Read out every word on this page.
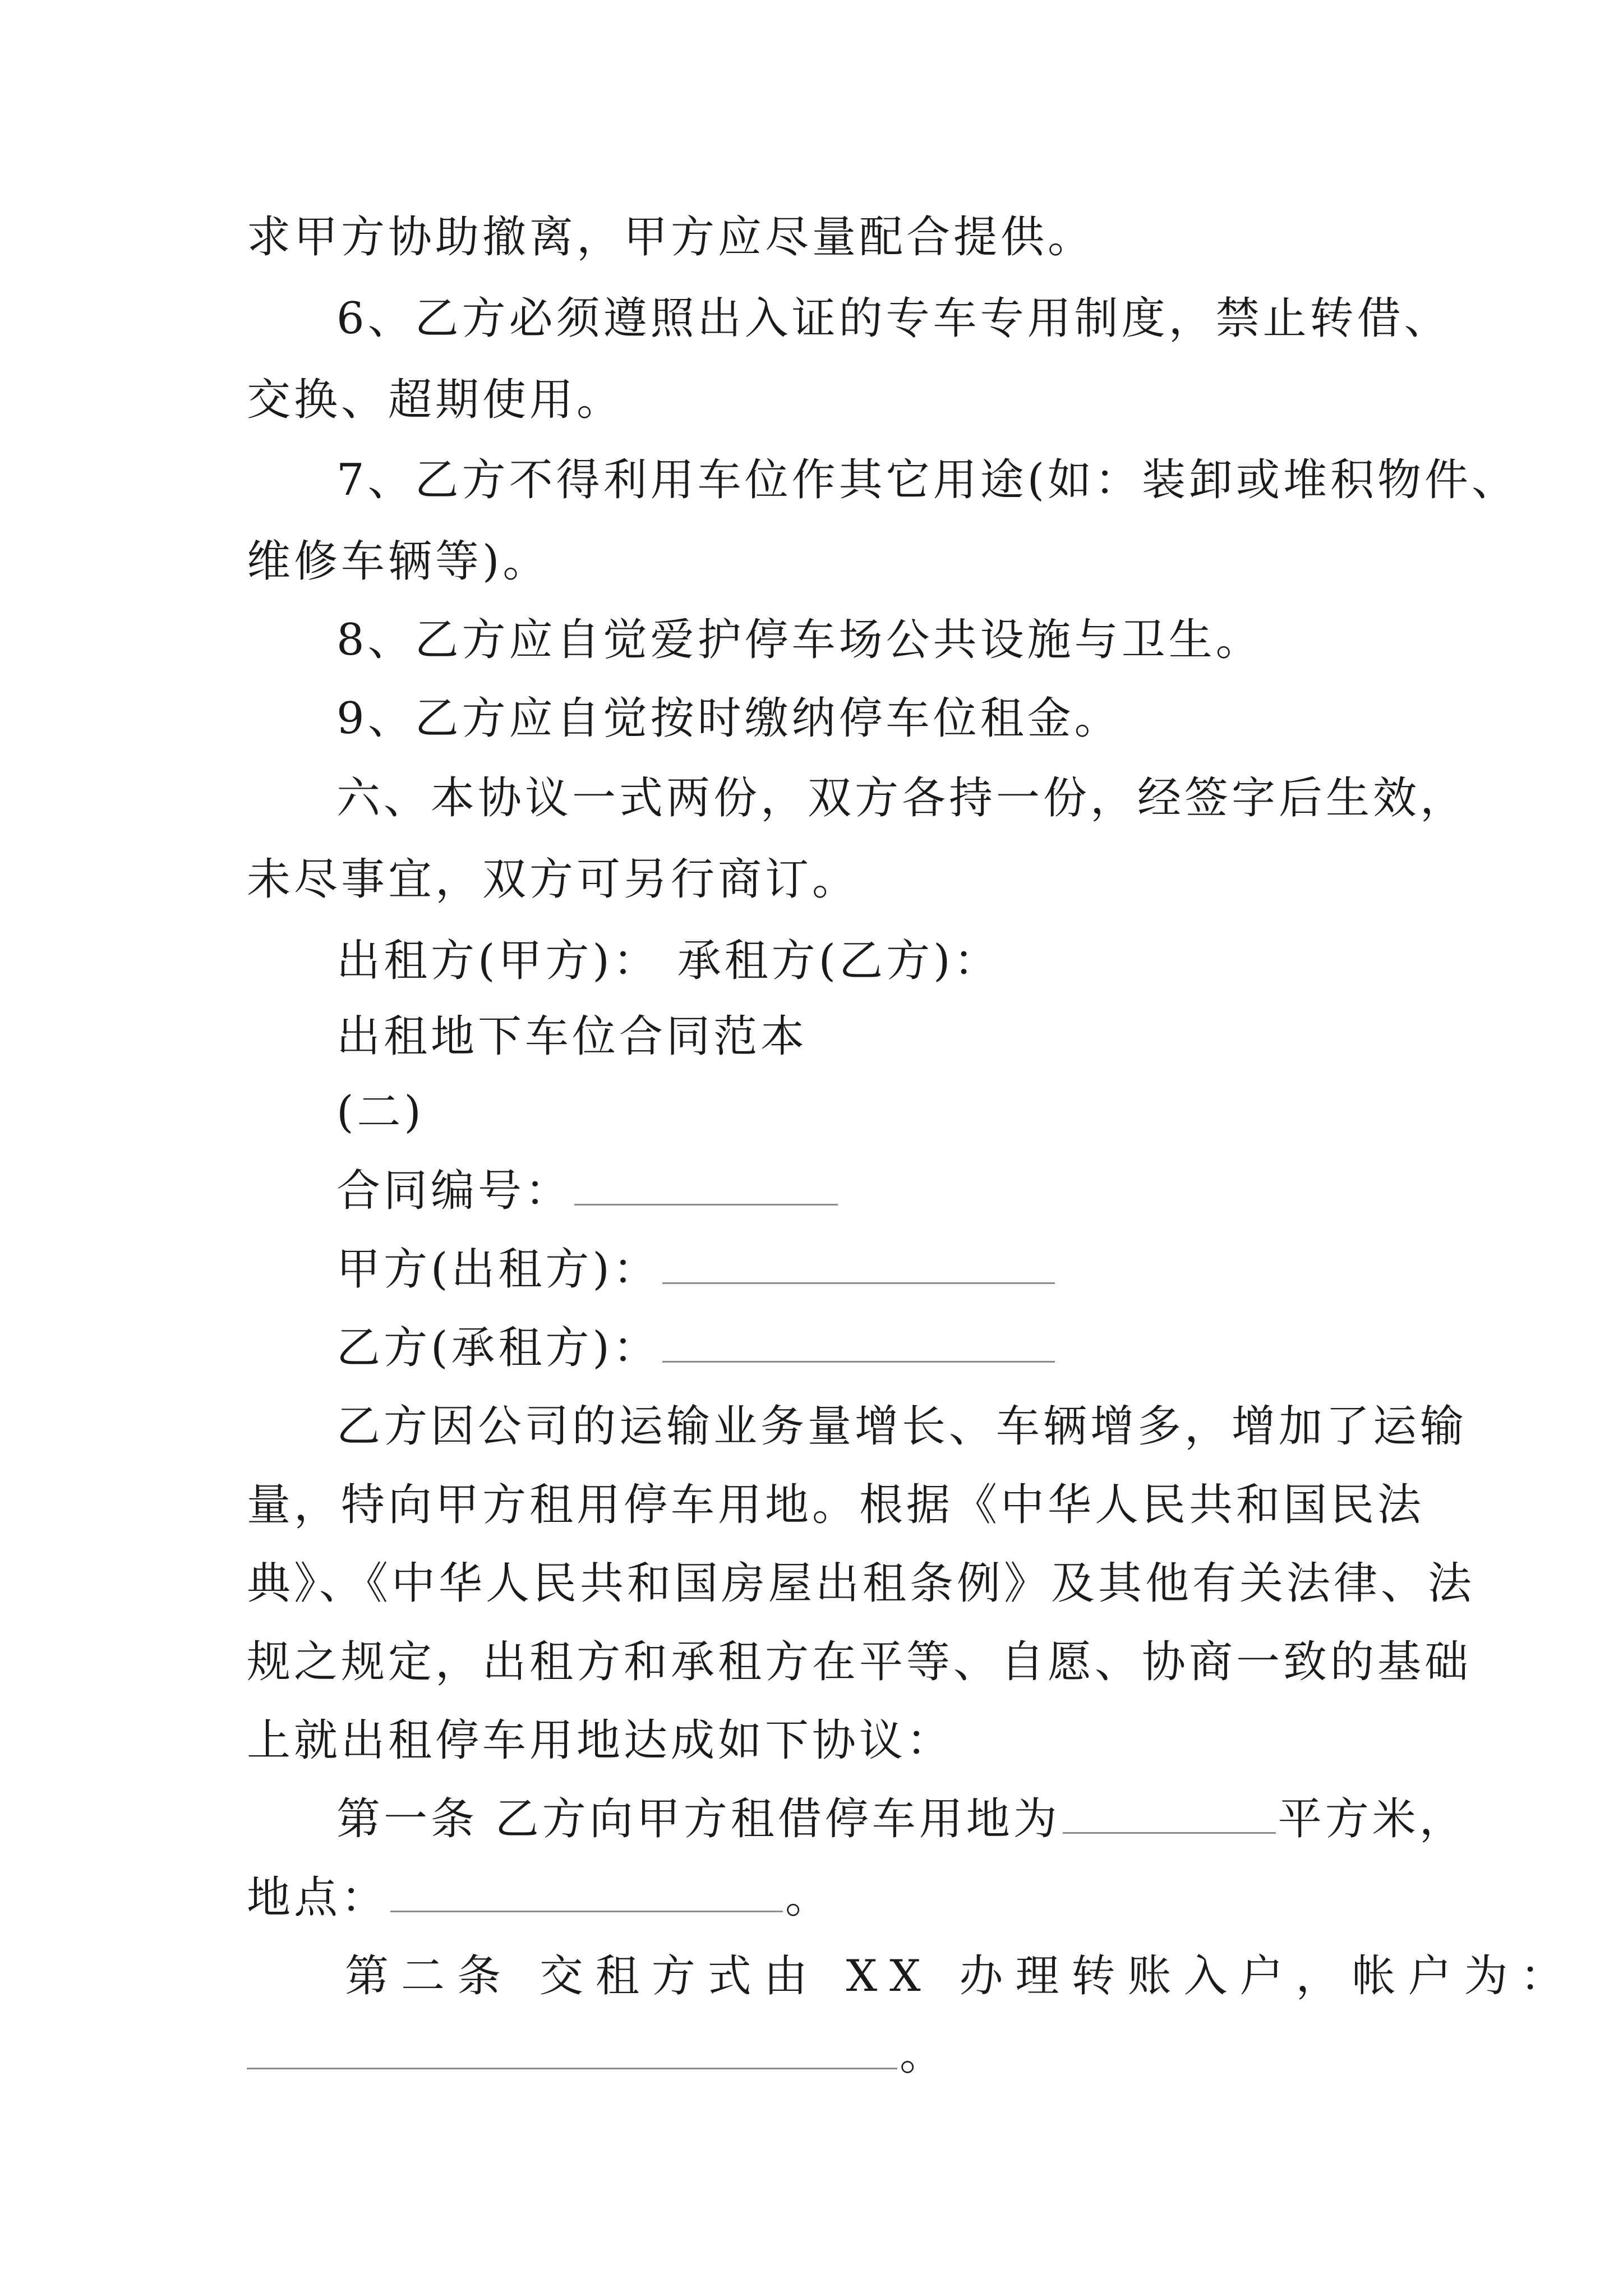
求甲方协助撤离，甲方应尽量配合提供。
6、乙方必须遵照出入证的专车专用制度，禁止转借、
交换、超期使用。
7、乙方不得利用车位作其它用途(如：装卸或堆积物件、
维修车辆等)。
8、乙方应自觉爱护停车场公共设施与卫生。
9、乙方应自觉按时缴纳停车位租金。
六、本协议一式两份，双方各持一份，经签字后生效，
未尽事宜，双方可另行商订。
出租方(甲方)： 承租方(乙方)：
出租地下车位合同范本
(二)
合同编号：
甲方(出租方)：
乙方(承租方)：
乙方因公司的运输业务量增长、车辆增多，增加了运输
量，特向甲方租用停车用地。根据《中华人民共和国民法
典》、《中华人民共和国房屋出租条例》及其他有关法律、法
规之规定，出租方和承租方在平等、自愿、协商一致的基础
上就出租停车用地达成如下协议：
第一条 乙方向甲方租借停车用地为	平方米，
地点：	。
第二条 交租方式由 XX 办理转账入户，帐户为：
。
